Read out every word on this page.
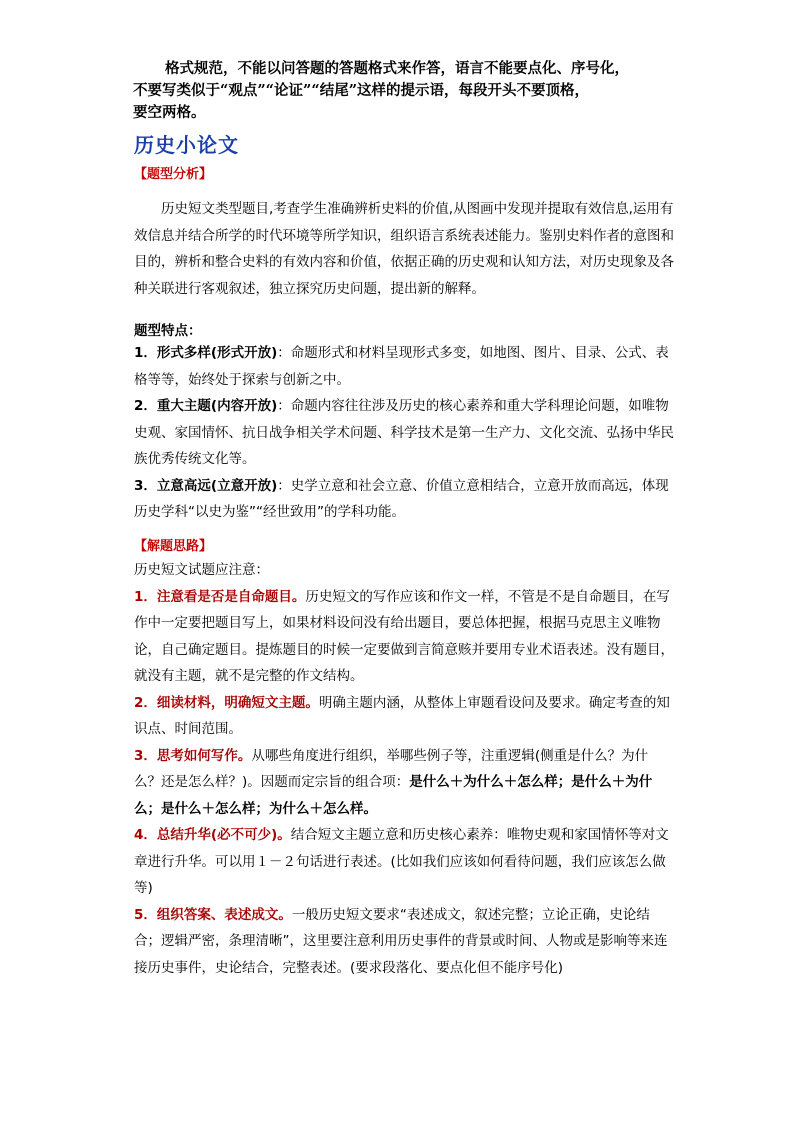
格式规范，不能以问答题的答题格式来作答，语言不能要点化、序号化，

不要写类似于“观点”“论证”“结尾”这样的提示语，每段开头不要顶格，

要空两格。

历史小论文
【题型分析】

历史短文类型题目,考查学生准确辨析史料的价值,从图画中发现并提取有效信息,运用有效信息并结合所学的时代环境等所学知识，组织语言系统表述能力。鉴别史料作者的意图和目的，辨析和整合史料的有效内容和价值，依据正确的历史观和认知方法，对历史现象及各种关联进行客观叙述，独立探究历史问题，提出新的解释。

题型特点：

1．形式多样(形式开放)：命题形式和材料呈现形式多变，如地图、图片、目录、公式、表格等等，始终处于探索与创新之中。

2．重大主题(内容开放)：命题内容往往涉及历史的核心素养和重大学科理论问题，如唯物史观、家国情怀、抗日战争相关学术问题、科学技术是第一生产力、文化交流、弘扬中华民族优秀传统文化等。

3．立意高远(立意开放)：史学立意和社会立意、价值立意相结合，立意开放而高远，体现历史学科“以史为鉴”“经世致用”的学科功能。

【解题思路】

历史短文试题应注意：

1．注意看是否是自命题目。历史短文的写作应该和作文一样，不管是不是自命题目，在写作中一定要把题目写上，如果材料设问没有给出题目，要总体把握，根据马克思主义唯物论，自己确定题目。提炼题目的时候一定要做到言简意赅并要用专业术语表述。没有题目，就没有主题，就不是完整的作文结构。

2．细读材料，明确短文主题。明确主题内涵，从整体上审题看设问及要求。确定考查的知识点、时间范围。

3．思考如何写作。从哪些角度进行组织，举哪些例子等，注重逻辑(侧重是什么？为什么？还是怎么样？)。因题而定宗旨的组合项：是什么＋为什么＋怎么样；是什么＋为什么；是什么＋怎么样；为什么＋怎么样。

4．总结升华(必不可少)。结合短文主题立意和历史核心素养：唯物史观和家国情怀等对文章进行升华。可以用１－２句话进行表述。(比如我们应该如何看待问题，我们应该怎么做等)

5．组织答案、表述成文。一般历史短文要求“表述成文，叙述完整；立论正确，史论结合；逻辑严密，条理清晰”，这里要注意利用历史事件的背景或时间、人物或是影响等来连接历史事件，史论结合，完整表述。(要求段落化、要点化但不能序号化)
